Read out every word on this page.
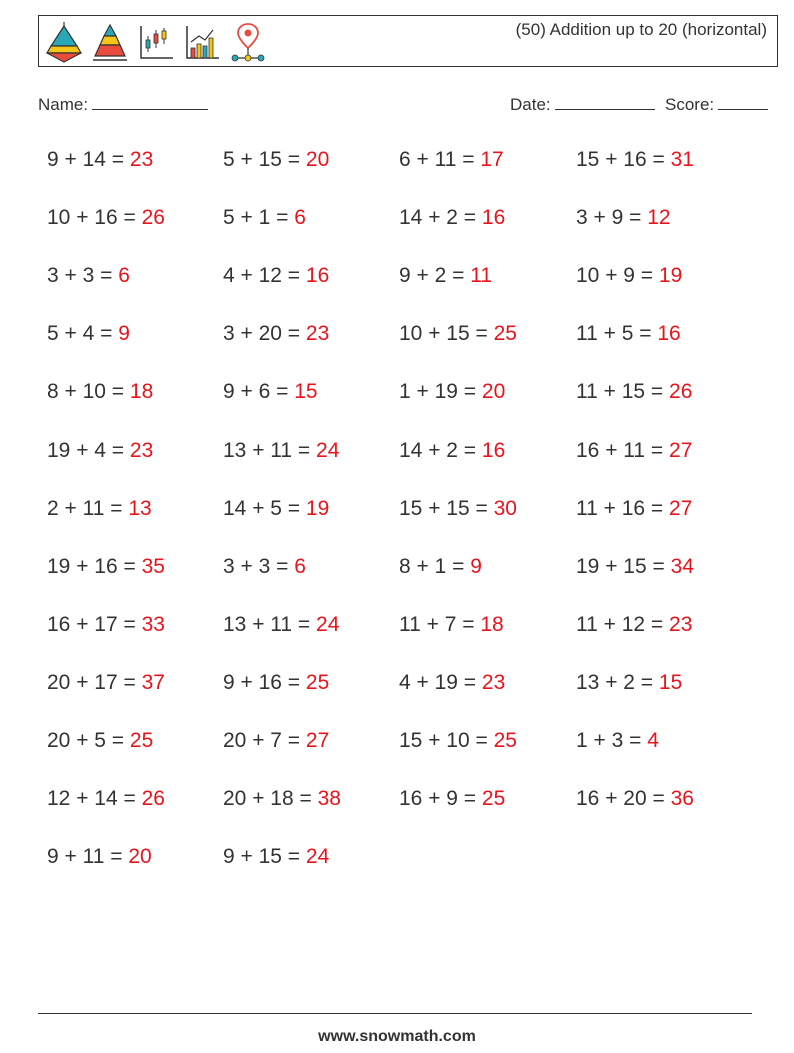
(50) Addition up to 20 (horizontal)
Name:	Date:	Score:
9 + 14 = 23	5 + 15 = 20	6 + 11 = 17	15 + 16 = 31
10 + 16 = 26	5 + 1 = 6	14 + 2 = 16	3 + 9 = 12
3 + 3 = 6	4 + 12 = 16	9 + 2 = 11	10 + 9 = 19
5 + 4 = 9	3 + 20 = 23	10 + 15 = 25	11 + 5 = 16
8 + 10 = 18	9 + 6 = 15	1 + 19 = 20	11 + 15 = 26
19 + 4 = 23	13 + 11 = 24	14 + 2 = 16	16 + 11 = 27
2 + 11 = 13	14 + 5 = 19	15 + 15 = 30	11 + 16 = 27
19 + 16 = 35	3 + 3 = 6	8 + 1 = 9	19 + 15 = 34
16 + 17 = 33	13 + 11 = 24	11 + 7 = 18	11 + 12 = 23
20 + 17 = 37	9 + 16 = 25	4 + 19 = 23	13 + 2 = 15
20 + 5 = 25	20 + 7 = 27	15 + 10 = 25	1 + 3 = 4
12 + 14 = 26	20 + 18 = 38	16 + 9 = 25	16 + 20 = 36
9 + 11 = 20	9 + 15 = 24
www.snowmath.com
